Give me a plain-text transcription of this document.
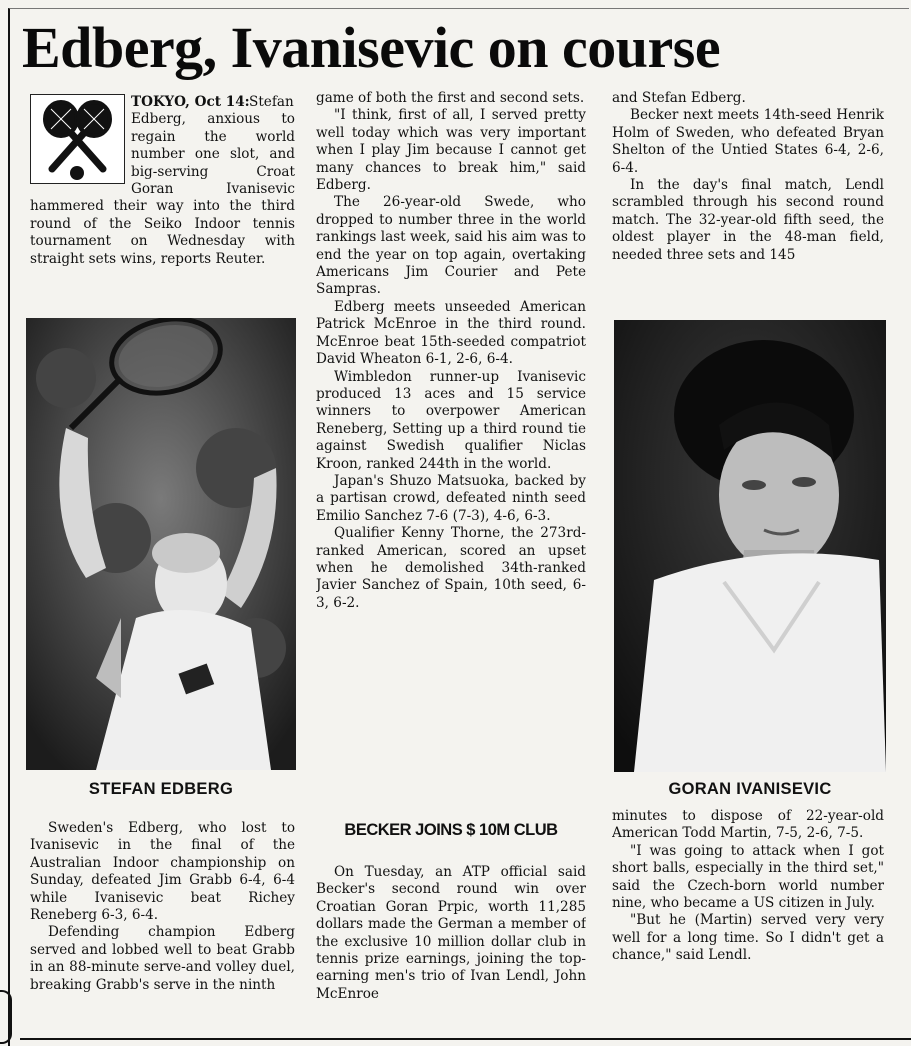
Edberg, Ivanisevic on course

TOKYO, Oct 14: Stefan Edberg, anxious to regain the world number one slot, and big-serving Croat Goran Ivanisevic hammered their way into the third round of the Seiko Indoor tennis tournament on Wednesday with straight sets wins, reports Reuter.

STEFAN EDBERG
Sweden's Edberg, who lost to Ivanisevic in the final of the Australian Indoor championship on Sunday, defeated Jim Grabb 6-4, 6-4 while Ivanisevic beat Richey Reneberg 6-3, 6-4.
Defending champion Edberg served and lobbed well to beat Grabb in an 88-minute serve-and volley duel, breaking Grabb's serve in the ninth
game of both the first and second sets.
"I think, first of all, I served pretty well today which was very important when I play Jim because I cannot get many chances to break him," said Edberg.
The 26-year-old Swede, who dropped to number three in the world rankings last week, said his aim was to end the year on top again, overtaking Americans Jim Courier and Pete Sampras.
Edberg meets unseeded American Patrick McEnroe in the third round. McEnroe beat 15th-seeded compatriot David Wheaton 6-1, 2-6, 6-4.
Wimbledon runner-up Ivanisevic produced 13 aces and 15 service winners to overpower American Reneberg, Setting up a third round tie against Swedish qualifier Niclas Kroon, ranked 244th in the world.
Japan's Shuzo Matsuoka, backed by a partisan crowd, defeated ninth seed Emilio Sanchez 7-6 (7-3), 4-6, 6-3.
Qualifier Kenny Thorne, the 273rd-ranked American, scored an upset when he demolished 34th-ranked Javier Sanchez of Spain, 10th seed, 6-3, 6-2.
BECKER JOINS $ 10M CLUB
On Tuesday, an ATP official said Becker's second round win over Croatian Goran Prpic, worth 11,285 dollars made the German a member of the exclusive 10 million dollar club in tennis prize earnings, joining the top-earning men's trio of Ivan Lendl, John McEnroe
and Stefan Edberg.
Becker next meets 14th-seed Henrik Holm of Sweden, who defeated Bryan Shelton of the Untied States 6-4, 2-6, 6-4.
In the day's final match, Lendl scrambled through his second round match. The 32-year-old fifth seed, the oldest player in the 48-man field, needed three sets and 145
GORAN IVANISEVIC
minutes to dispose of 22-year-old American Todd Martin, 7-5, 2-6, 7-5.
"I was going to attack when I got short balls, especially in the third set," said the Czech-born world number nine, who became a US citizen in July.
"But he (Martin) served very very well for a long time. So I didn't get a chance," said Lendl.
